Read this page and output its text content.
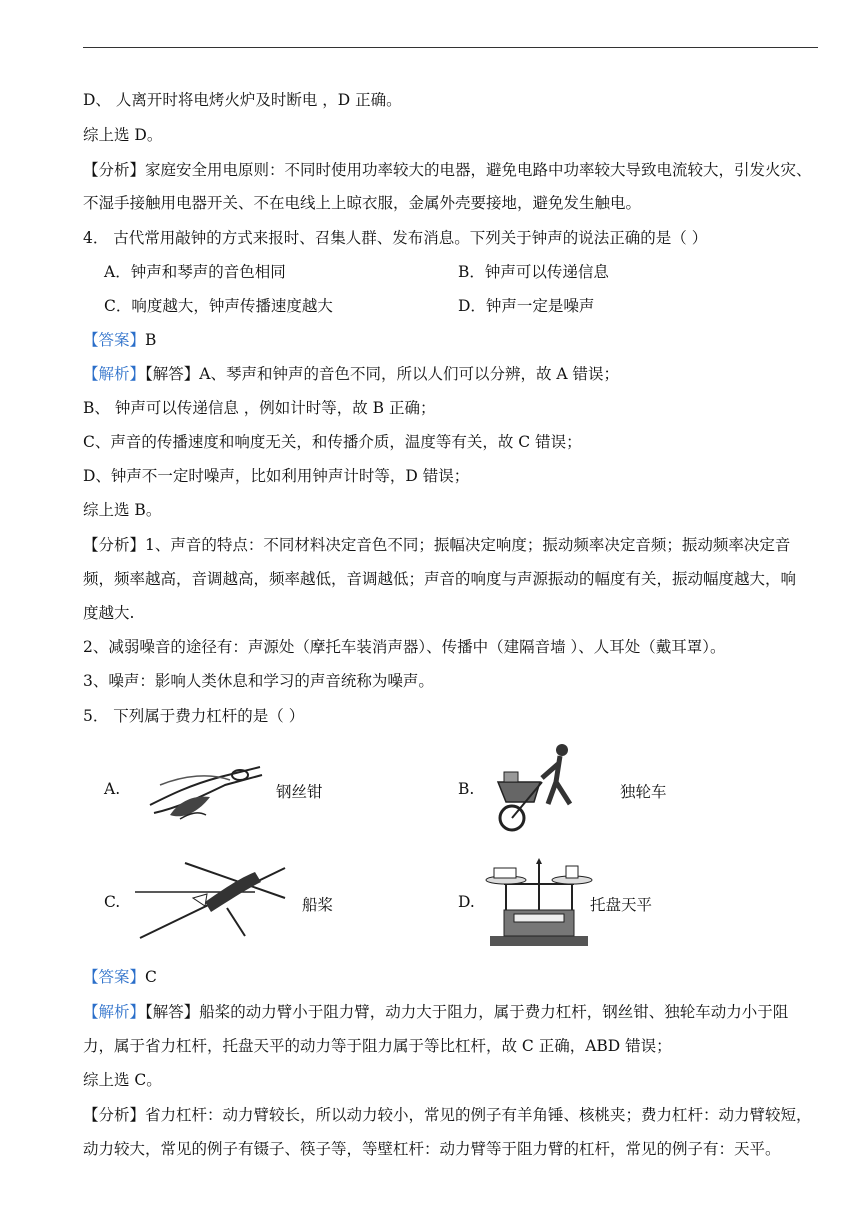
D、 人离开时将电烤火炉及时断电 ，D 正确。
综上选 D。
【分析】家庭安全用电原则：不同时使用功率较大的电器，避免电路中功率较大导致电流较大，引发火灾、
不湿手接触用电器开关、不在电线上上晾衣服，金属外壳要接地，避免发生触电。
4． 古代常用敲钟的方式来报时、召集人群、发布消息。下列关于钟声的说法正确的是（ ）
A．钟声和琴声的音色相同	B．钟声可以传递信息
C．响度越大，钟声传播速度越大	D．钟声一定是噪声
【答案】B
【解析】【解答】A、琴声和钟声的音色不同，所以人们可以分辨，故 A 错误；
B、 钟声可以传递信息 ，例如计时等，故 B 正确；
C、声音的传播速度和响度无关，和传播介质，温度等有关，故 C 错误；
D、钟声不一定时噪声，比如利用钟声计时等，D 错误；
综上选 B。
【分析】1、声音的特点：不同材料决定音色不同；振幅决定响度；振动频率决定音频；振动频率决定音
频，频率越高，音调越高，频率越低，音调越低；声音的响度与声源振动的幅度有关，振动幅度越大，响
度越大.
2、减弱噪音的途径有：声源处（摩托车装消声器）、传播中（建隔音墙 ）、人耳处（戴耳罩）。
3、噪声：影响人类休息和学习的声音统称为噪声。
5． 下列属于费力杠杆的是（ ）
A.	钢丝钳	B.	独轮车
C.	船桨	D.	托盘天平
【答案】C
【解析】【解答】船桨的动力臂小于阻力臂，动力大于阻力，属于费力杠杆，钢丝钳、独轮车动力小于阻
力，属于省力杠杆，托盘天平的动力等于阻力属于等比杠杆，故 C 正确，ABD 错误；
综上选 C。
【分析】省力杠杆：动力臂较长，所以动力较小，常见的例子有羊角锤、核桃夹；费力杠杆：动力臂较短，
动力较大，常见的例子有镊子、筷子等，等壁杠杆：动力臂等于阻力臂的杠杆，常见的例子有：天平。
